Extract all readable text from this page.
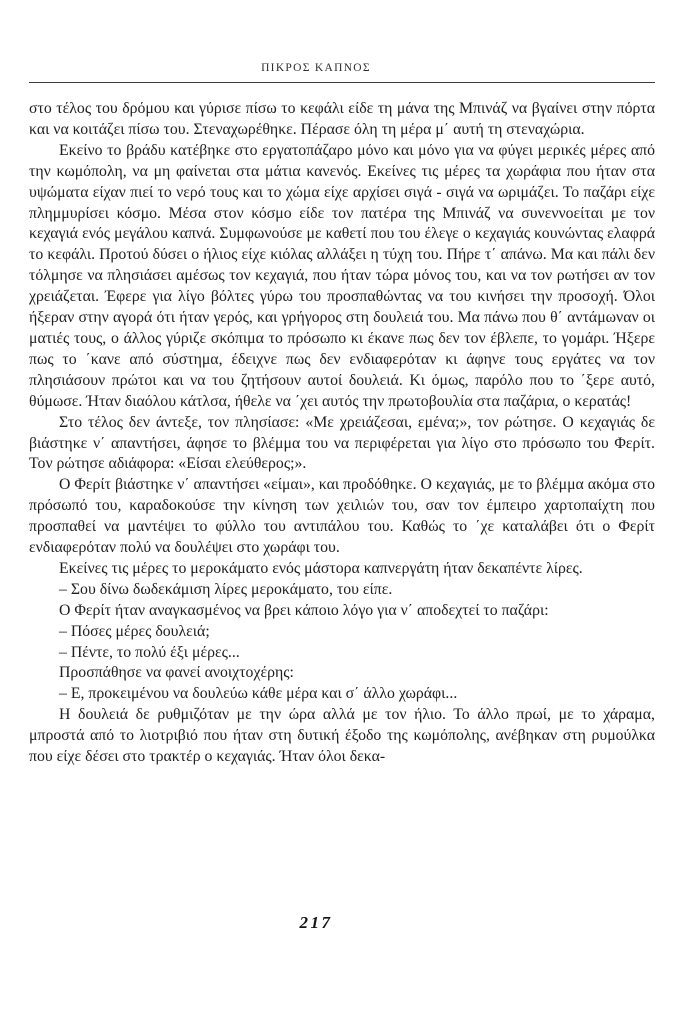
ΠΙΚΡΟΣ ΚΑΠΝΟΣ

στο τέλος του δρόμου και γύρισε πίσω το κεφάλι είδε τη μάνα της Μπινάζ να βγαίνει στην πόρτα και να κοιτάζει πίσω του. Στεναχωρέθηκε. Πέρασε όλη τη μέρα μ΄ αυτή τη στεναχώρια.

Εκείνο το βράδυ κατέβηκε στο εργατοπάζαρο μόνο και μόνο για να φύγει μερικές μέρες από την κωμόπολη, να μη φαίνεται στα μάτια κανενός. Εκείνες τις μέρες τα χωράφια που ήταν στα υψώματα είχαν πιεί το νερό τους και το χώμα είχε αρχίσει σιγά - σιγά να ωριμάζει. Το παζάρι είχε πλημμυρίσει κόσμο. Μέσα στον κόσμο είδε τον πατέρα της Μπινάζ να συνεννοείται με τον κεχαγιά ενός μεγάλου καπνά. Συμφωνούσε με καθετί που του έλεγε ο κεχαγιάς κουνώντας ελαφρά το κεφάλι. Προτού δύσει ο ήλιος είχε κιόλας αλλάξει η τύχη του. Πήρε τ΄ απάνω. Μα και πάλι δεν τόλμησε να πλησιάσει αμέσως τον κεχαγιά, που ήταν τώρα μόνος του, και να τον ρωτήσει αν τον χρειάζεται. Έφερε για λίγο βόλτες γύρω του προσπαθώντας να του κινήσει την προσοχή. Όλοι ήξεραν στην αγορά ότι ήταν γερός, και γρήγορος στη δουλειά του. Μα πάνω που θ΄ αντάμωναν οι ματιές τους, ο άλλος γύριζε σκόπιμα το πρόσωπο κι έκανε πως δεν τον έβλεπε, το γομάρι. Ήξερε πως το ΄κανε από σύστημα, έδειχνε πως δεν ενδιαφερόταν κι άφηνε τους εργάτες να τον πλησιάσουν πρώτοι και να του ζητήσουν αυτοί δουλειά. Κι όμως, παρόλο που το ΄ξερε αυτό, θύμωσε. Ήταν διαόλου κάτλσα, ήθελε να ΄χει αυτός την πρωτοβουλία στα παζάρια, ο κερατάς!

Στο τέλος δεν άντεξε, τον πλησίασε: «Με χρειάζεσαι, εμένα;», τον ρώτησε. Ο κεχαγιάς δε βιάστηκε ν΄ απαντήσει, άφησε το βλέμμα του να περιφέρεται για λίγο στο πρόσωπο του Φερίτ. Τον ρώτησε αδιάφορα: «Είσαι ελεύθερος;».

Ο Φερίτ βιάστηκε ν΄ απαντήσει «είμαι», και προδόθηκε. Ο κεχαγιάς, με το βλέμμα ακόμα στο πρόσωπό του, καραδοκούσε την κίνηση των χειλιών του, σαν τον έμπειρο χαρτοπαίχτη που προσπαθεί να μαντέψει το φύλλο του αντιπάλου του. Καθώς το ΄χε καταλάβει ότι ο Φερίτ ενδιαφερόταν πολύ να δουλέψει στο χωράφι του.

Εκείνες τις μέρες το μεροκάματο ενός μάστορα καπνεργάτη ήταν δεκαπέντε λίρες.

– Σου δίνω δωδεκάμιση λίρες μεροκάματο, του είπε.

Ο Φερίτ ήταν αναγκασμένος να βρει κάποιο λόγο για ν΄ αποδεχτεί το παζάρι:

– Πόσες μέρες δουλειά;

– Πέντε, το πολύ έξι μέρες...

Προσπάθησε να φανεί ανοιχτοχέρης:

– Ε, προκειμένου να δουλεύω κάθε μέρα και σ΄ άλλο χωράφι...

Η δουλειά δε ρυθμιζόταν με την ώρα αλλά με τον ήλιο. Το άλλο πρωί, με το χάραμα, μπροστά από το λιοτριβιό που ήταν στη δυτική έξοδο της κωμόπολης, ανέβηκαν στη ρυμούλκα που είχε δέσει στο τρακτέρ ο κεχαγιάς. Ήταν όλοι δεκα-

217
